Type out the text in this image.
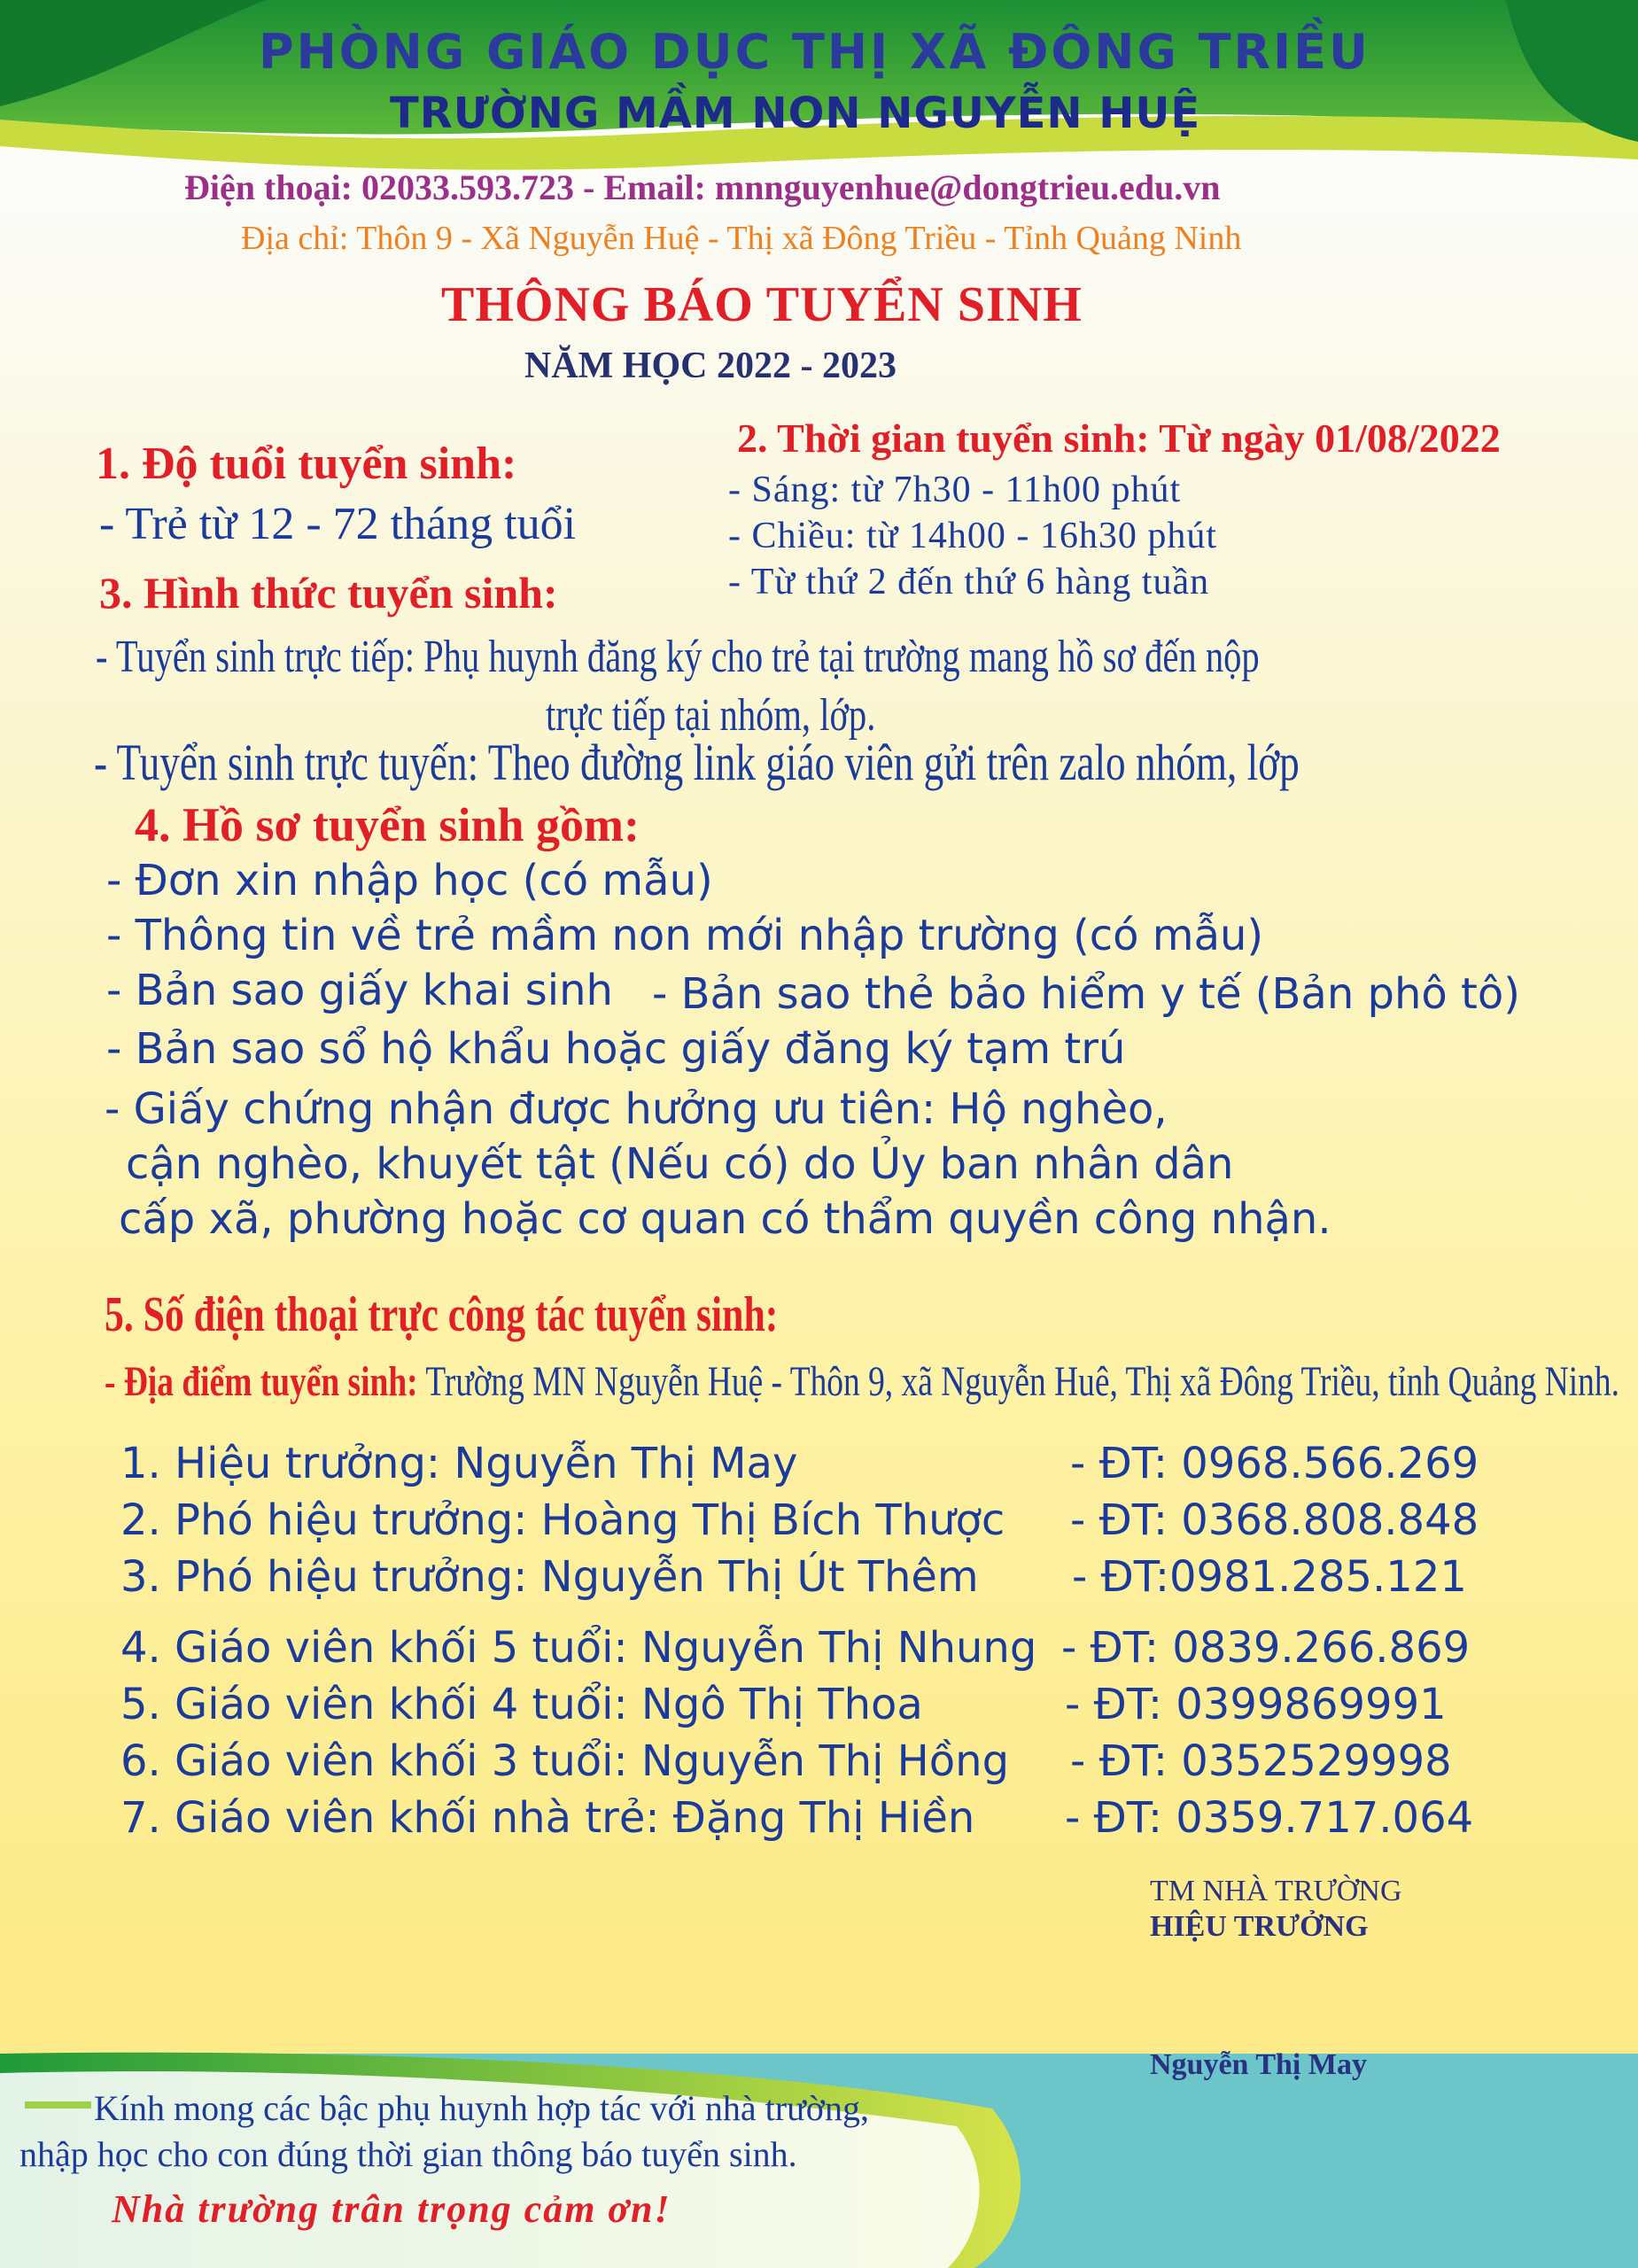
PHÒNG GIÁO DỤC THỊ XÃ ĐÔNG TRIỀU
TRƯỜNG MẦM NON NGUYỄN HUỆ
Điện thoại: 02033.593.723 - Email: mnnguyenhue@dongtrieu.edu.vn
Địa chỉ: Thôn 9 - Xã Nguyễn Huệ - Thị xã Đông Triều - Tỉnh Quảng Ninh
THÔNG BÁO TUYỂN SINH
NĂM HỌC 2022 - 2023
1. Độ tuổi tuyển sinh:
- Trẻ từ 12 - 72 tháng tuổi
2. Thời gian tuyển sinh: Từ ngày 01/08/2022
- Sáng: từ 7h30 - 11h00 phút
- Chiều: từ 14h00 - 16h30 phút
- Từ thứ 2 đến thứ 6 hàng tuần
3. Hình thức tuyển sinh:
- Tuyển sinh trực tiếp: Phụ huynh đăng ký cho trẻ tại trường mang hồ sơ đến nộp
trực tiếp tại nhóm, lớp.
- Tuyển sinh trực tuyến: Theo đường link giáo viên gửi trên zalo nhóm, lớp
4. Hồ sơ tuyển sinh gồm:
- Đơn xin nhập học (có mẫu)
- Thông tin về trẻ mầm non mới nhập trường (có mẫu)
- Bản sao giấy khai sinh - Bản sao thẻ bảo hiểm y tế (Bản phô tô)
- Bản sao sổ hộ khẩu hoặc giấy đăng ký tạm trú
- Giấy chứng nhận được hưởng ưu tiên: Hộ nghèo,
cận nghèo, khuyết tật (Nếu có) do Ủy ban nhân dân
cấp xã, phường hoặc cơ quan có thẩm quyền công nhận.
5. Số điện thoại trực công tác tuyển sinh:
- Địa điểm tuyển sinh: Trường MN Nguyễn Huệ - Thôn 9, xã Nguyễn Huê, Thị xã Đông Triều, tỉnh Quảng Ninh.
1. Hiệu trưởng: Nguyễn Thị May	- ĐT: 0968.566.269
2. Phó hiệu trưởng: Hoàng Thị Bích Thược - ĐT: 0368.808.848
3. Phó hiệu trưởng: Nguyễn Thị Út Thêm - ĐT:0981.285.121
4. Giáo viên khối 5 tuổi: Nguyễn Thị Nhung - ĐT: 0839.266.869
5. Giáo viên khối 4 tuổi: Ngô Thị Thoa	- ĐT: 0399869991
6. Giáo viên khối 3 tuổi: Nguyễn Thị Hồng - ĐT: 0352529998
7. Giáo viên khối nhà trẻ: Đặng Thị Hiền - ĐT: 0359.717.064
TM NHÀ TRƯỜNG
HIỆU TRƯỞNG
Nguyễn Thị May
Kính mong các bậc phụ huynh hợp tác với nhà trường,
nhập học cho con đúng thời gian thông báo tuyển sinh.
Nhà trường trân trọng cảm ơn!
